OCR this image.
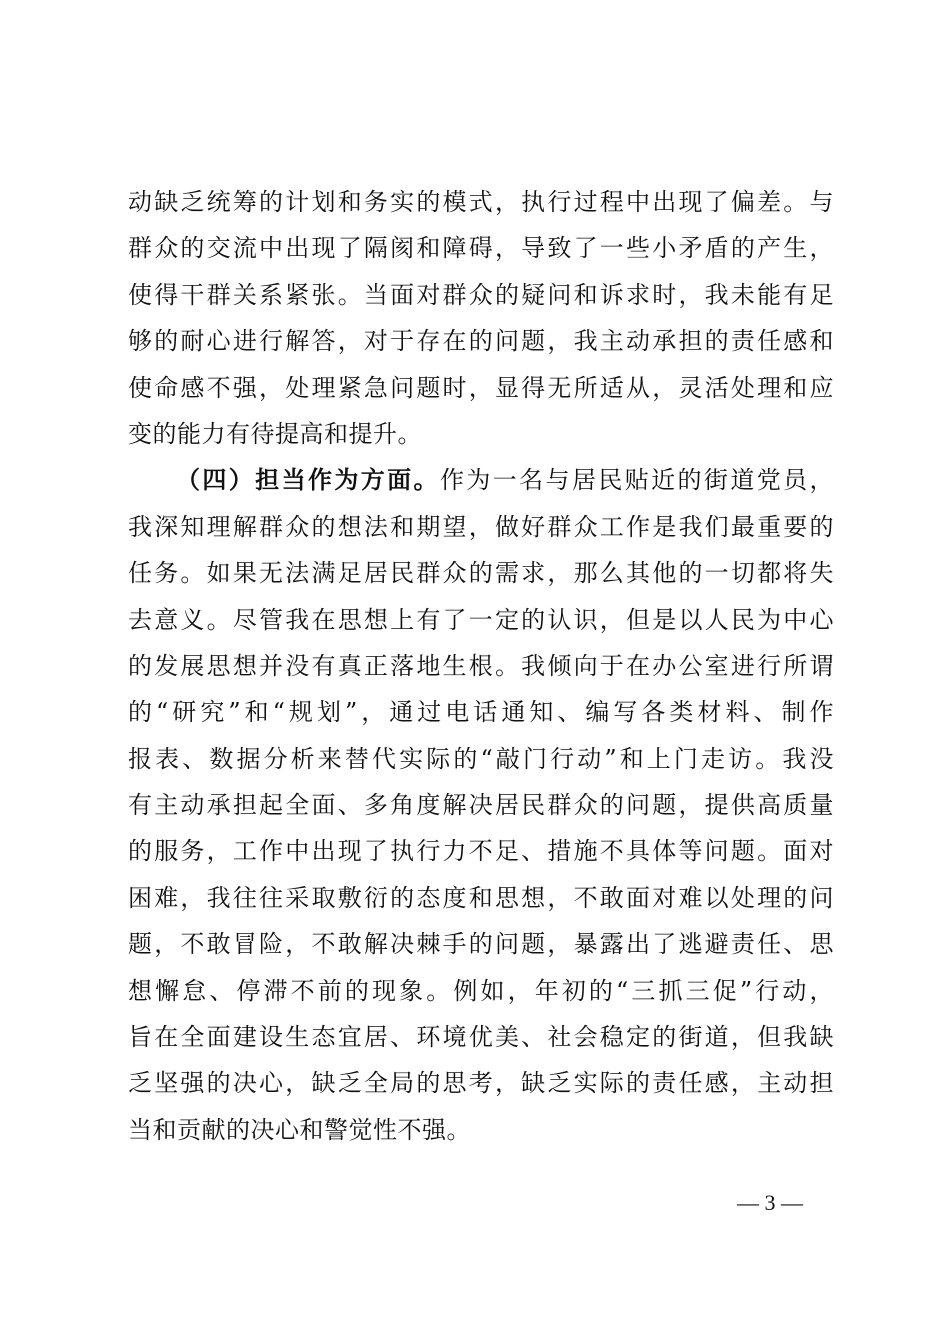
动缺乏统筹的计划和务实的模式，执行过程中出现了偏差。与
群众的交流中出现了隔阂和障碍，导致了一些小矛盾的产生，
使得干群关系紧张。当面对群众的疑问和诉求时，我未能有足
够的耐心进行解答，对于存在的问题，我主动承担的责任感和
使命感不强，处理紧急问题时，显得无所适从，灵活处理和应
变的能力有待提高和提升。
（四）担当作为方面。作为一名与居民贴近的街道党员，
我深知理解群众的想法和期望，做好群众工作是我们最重要的
任务。如果无法满足居民群众的需求，那么其他的一切都将失
去意义。尽管我在思想上有了一定的认识，但是以人民为中心
的发展思想并没有真正落地生根。我倾向于在办公室进行所谓
的“研究”和“规划”，通过电话通知、编写各类材料、制作
报表、数据分析来替代实际的“敲门行动”和上门走访。我没
有主动承担起全面、多角度解决居民群众的问题，提供高质量
的服务，工作中出现了执行力不足、措施不具体等问题。面对
困难，我往往采取敷衍的态度和思想，不敢面对难以处理的问
题，不敢冒险，不敢解决棘手的问题，暴露出了逃避责任、思
想懈怠、停滞不前的现象。例如，年初的“三抓三促”行动，
旨在全面建设生态宜居、环境优美、社会稳定的街道，但我缺
乏坚强的决心，缺乏全局的思考，缺乏实际的责任感，主动担
当和贡献的决心和警觉性不强。
— 3 —
